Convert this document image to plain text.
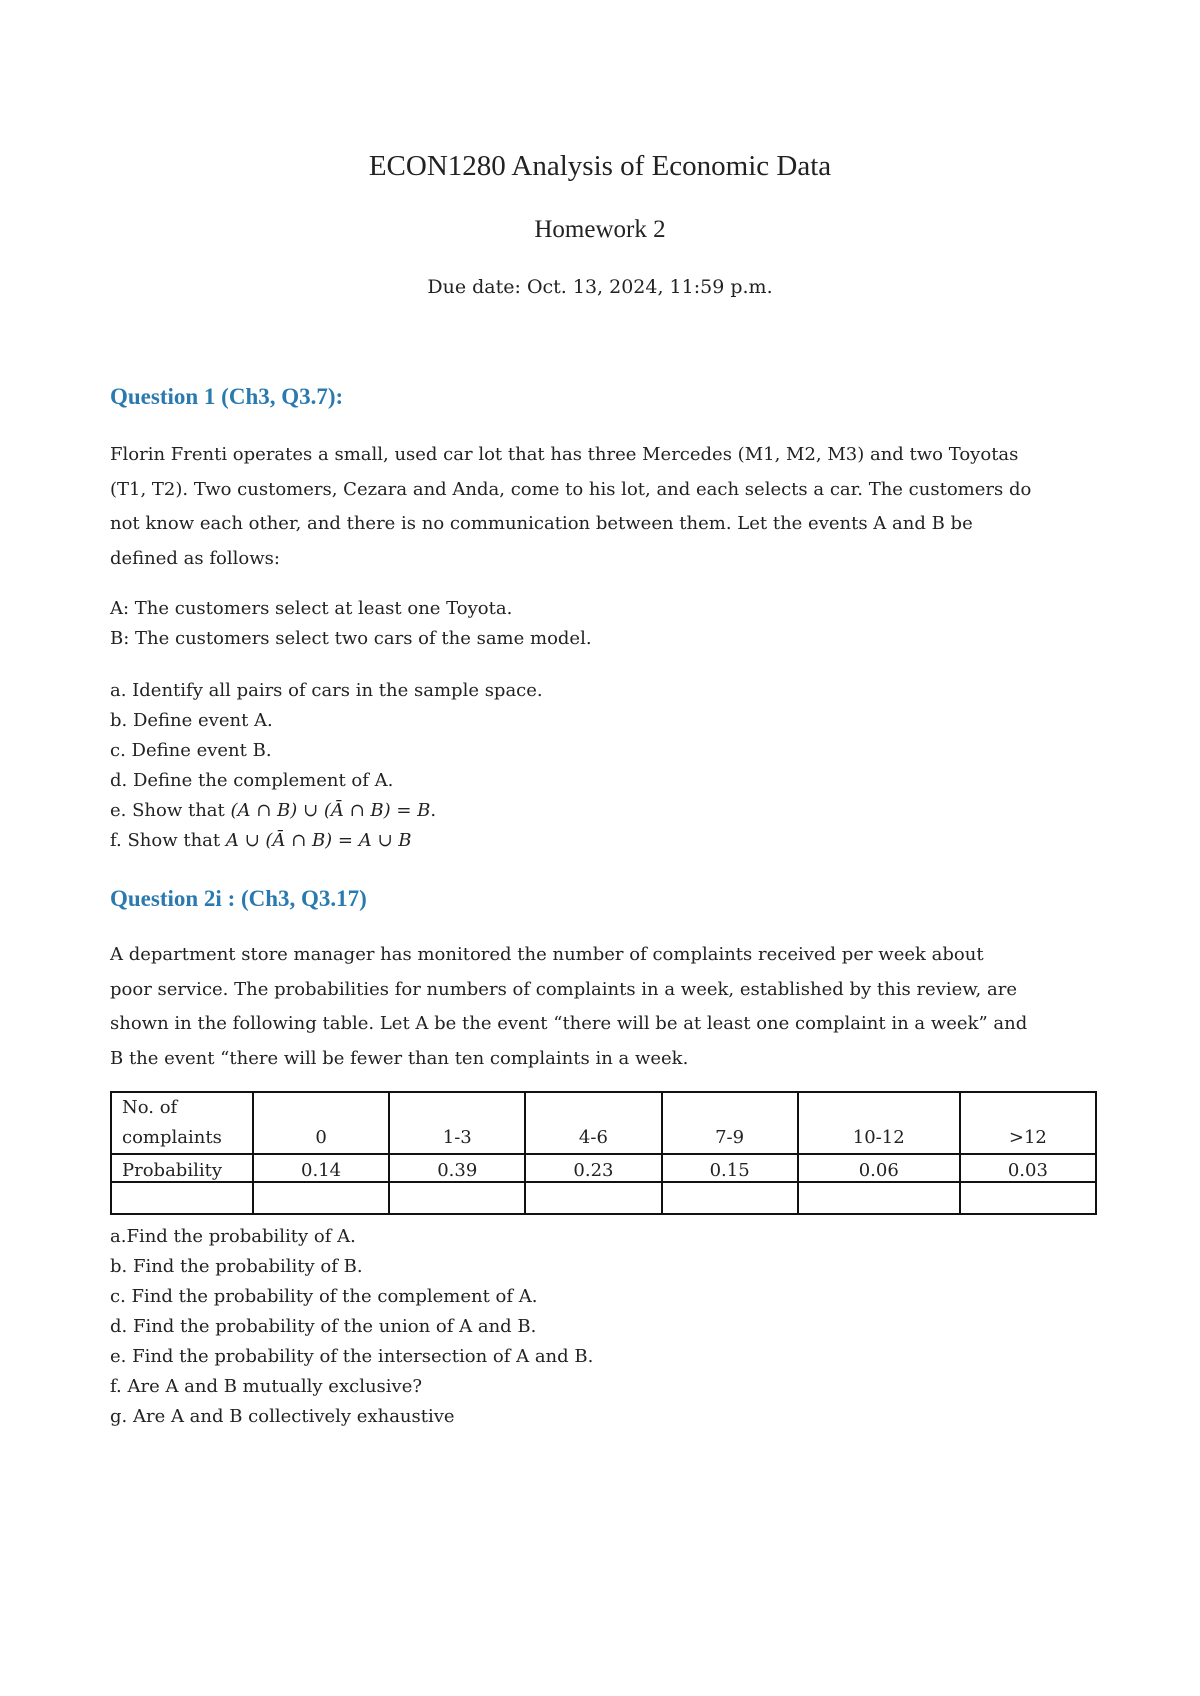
ECON1280 Analysis of Economic Data
Homework 2
Due date: Oct. 13, 2024, 11:59 p.m.
Question 1 (Ch3, Q3.7):
Florin Frenti operates a small, used car lot that has three Mercedes (M1, M2, M3) and two Toyotas
(T1, T2). Two customers, Cezara and Anda, come to his lot, and each selects a car. The customers do
not know each other, and there is no communication between them. Let the events A and B be
defined as follows:
A: The customers select at least one Toyota.
B: The customers select two cars of the same model.
a. Identify all pairs of cars in the sample space.
b. Define event A.
c. Define event B.
d. Define the complement of A.
e. Show that (A ∩ B) ∪ (Ā ∩ B) = B.
f. Show that A ∪ (Ā ∩ B) = A ∪ B
Question 2i : (Ch3, Q3.17)
A department store manager has monitored the number of complaints received per week about
poor service. The probabilities for numbers of complaints in a week, established by this review, are
shown in the following table. Let A be the event “there will be at least one complaint in a week” and
B the event “there will be fewer than ten complaints in a week.
No. of
complaints	0	1-3	4-6	7-9	10-12	>12
Probability	0.14	0.39	0.23	0.15	0.06	0.03

a.Find the probability of A.
b. Find the probability of B.
c. Find the probability of the complement of A.
d. Find the probability of the union of A and B.
e. Find the probability of the intersection of A and B.
f. Are A and B mutually exclusive?
g. Are A and B collectively exhaustive
